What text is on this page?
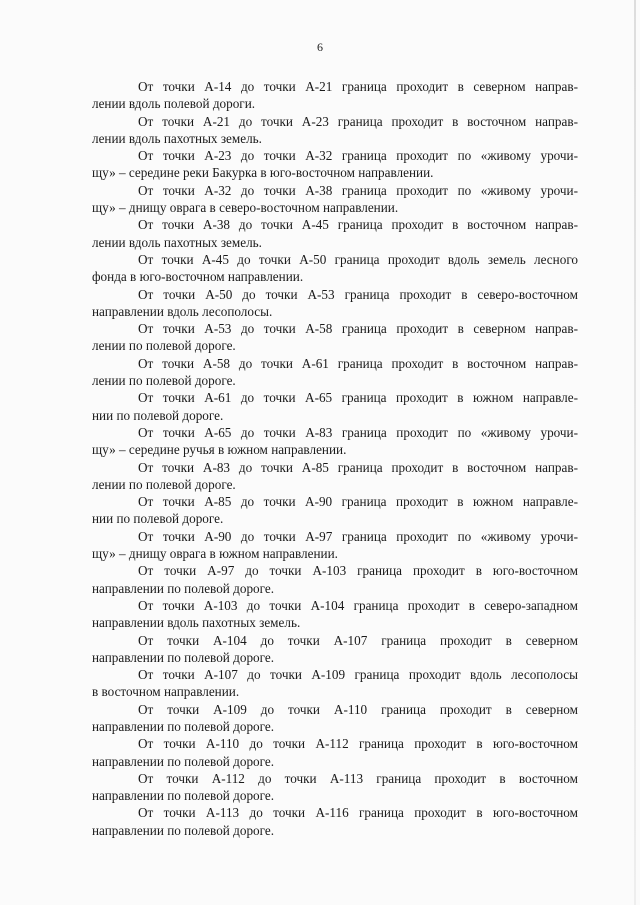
6
От точки А-14 до точки А-21 граница проходит в северном направ-
лении вдоль полевой дороги.
От точки А-21 до точки А-23 граница проходит в восточном направ-
лении вдоль пахотных земель.
От точки А-23 до точки А-32 граница проходит по «живому урочи-
щу» – середине реки Бакурка в юго-восточном направлении.
От точки А-32 до точки А-38 граница проходит по «живому урочи-
щу» – днищу оврага в северо-восточном направлении.
От точки А-38 до точки А-45 граница проходит в восточном направ-
лении вдоль пахотных земель.
От точки А-45 до точки А-50 граница проходит вдоль земель лесного
фонда в юго-восточном направлении.
От точки А-50 до точки А-53 граница проходит в северо-восточном
направлении вдоль лесополосы.
От точки А-53 до точки А-58 граница проходит в северном направ-
лении по полевой дороге.
От точки А-58 до точки А-61 граница проходит в восточном направ-
лении по полевой дороге.
От точки А-61 до точки А-65 граница проходит в южном направле-
нии по полевой дороге.
От точки А-65 до точки А-83 граница проходит по «живому урочи-
щу» – середине ручья в южном направлении.
От точки А-83 до точки А-85 граница проходит в восточном направ-
лении по полевой дороге.
От точки А-85 до точки А-90 граница проходит в южном направле-
нии по полевой дороге.
От точки А-90 до точки А-97 граница проходит по «живому урочи-
щу» – днищу оврага в южном направлении.
От точки А-97 до точки А-103 граница проходит в юго-восточном
направлении по полевой дороге.
От точки А-103 до точки А-104 граница проходит в северо-западном
направлении вдоль пахотных земель.
От точки А-104 до точки А-107 граница проходит в северном
направлении по полевой дороге.
От точки А-107 до точки А-109 граница проходит вдоль лесополосы
в восточном направлении.
От точки А-109 до точки А-110 граница проходит в северном
направлении по полевой дороге.
От точки А-110 до точки А-112 граница проходит в юго-восточном
направлении по полевой дороге.
От точки А-112 до точки А-113 граница проходит в восточном
направлении по полевой дороге.
От точки А-113 до точки А-116 граница проходит в юго-восточном
направлении по полевой дороге.
